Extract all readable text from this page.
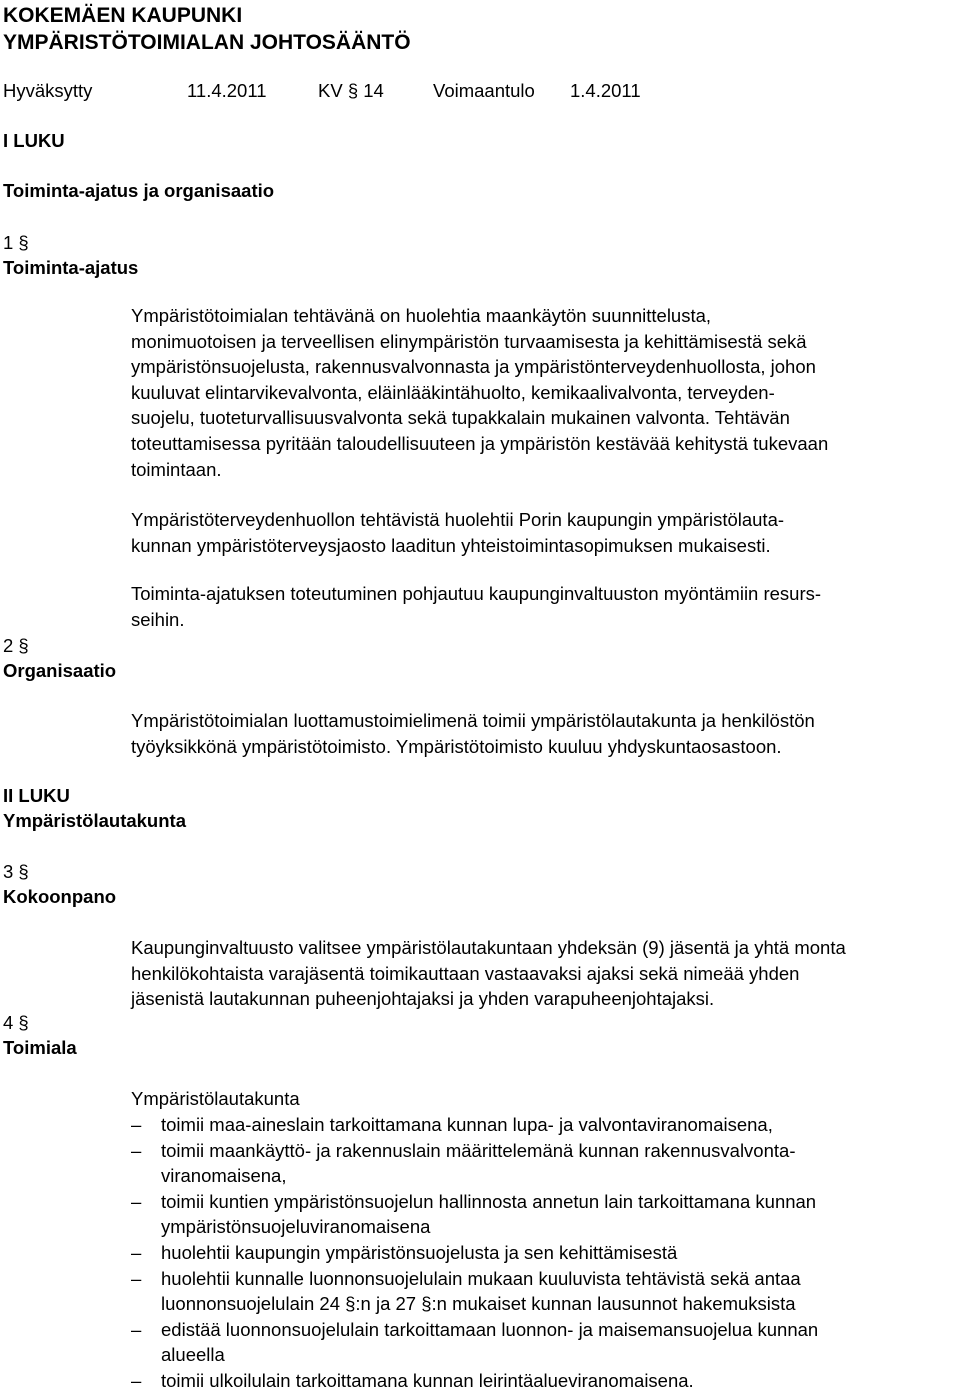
KOKEMÄEN KAUPUNKI
YMPÄRISTÖTOIMIALAN JOHTOSÄÄNTÖ
Hyväksytty	11.4.2011	KV § 14	Voimaantulo 1.4.2011
I LUKU
Toiminta-ajatus ja organisaatio
1 §
Toiminta-ajatus
Ympäristötoimialan tehtävänä on huolehtia maankäytön suunnittelusta,
monimuotoisen ja terveellisen elinympäristön turvaamisesta ja kehittämisestä sekä
ympäristönsuojelusta, rakennusvalvonnasta ja ympäristönterveydenhuollosta, johon
kuuluvat elintarvikevalvonta, eläinlääkintähuolto, kemikaalivalvonta, terveyden-
suojelu, tuoteturvallisuusvalvonta sekä tupakkalain mukainen valvonta. Tehtävän
toteuttamisessa pyritään taloudellisuuteen ja ympäristön kestävää kehitystä tukevaan
toimintaan.
Ympäristöterveydenhuollon tehtävistä huolehtii Porin kaupungin ympäristölauta-
kunnan ympäristöterveysjaosto laaditun yhteistoimintasopimuksen mukaisesti.
Toiminta-ajatuksen toteutuminen pohjautuu kaupunginvaltuuston myöntämiin resurs-
seihin.
2 §
Organisaatio
Ympäristötoimialan luottamustoimielimenä toimii ympäristölautakunta ja henkilöstön
työyksikkönä ympäristötoimisto. Ympäristötoimisto kuuluu yhdyskuntaosastoon.
II LUKU
Ympäristölautakunta
3 §
Kokoonpano
Kaupunginvaltuusto valitsee ympäristölautakuntaan yhdeksän (9) jäsentä ja yhtä monta
henkilökohtaista varajäsentä toimikauttaan vastaavaksi ajaksi sekä nimeää yhden
jäsenistä lautakunnan puheenjohtajaksi ja yhden varapuheenjohtajaksi.
4 §
Toimiala
Ympäristölautakunta
–	toimii maa-aineslain tarkoittamana kunnan lupa- ja valvontaviranomaisena,
–	toimii maankäyttö- ja rakennuslain määrittelemänä kunnan rakennusvalvonta-
viranomaisena,
–	toimii kuntien ympäristönsuojelun hallinnosta annetun lain tarkoittamana kunnan
ympäristönsuojeluviranomaisena
–	huolehtii kaupungin ympäristönsuojelusta ja sen kehittämisestä
–	huolehtii kunnalle luonnonsuojelulain mukaan kuuluvista tehtävistä sekä antaa
luonnonsuojelulain 24 §:n ja 27 §:n mukaiset kunnan lausunnot hakemuksista
–	edistää luonnonsuojelulain tarkoittamaan luonnon- ja maisemansuojelua kunnan
alueella
–	toimii ulkoilulain tarkoittamana kunnan leirintäalueviranomaisena.
